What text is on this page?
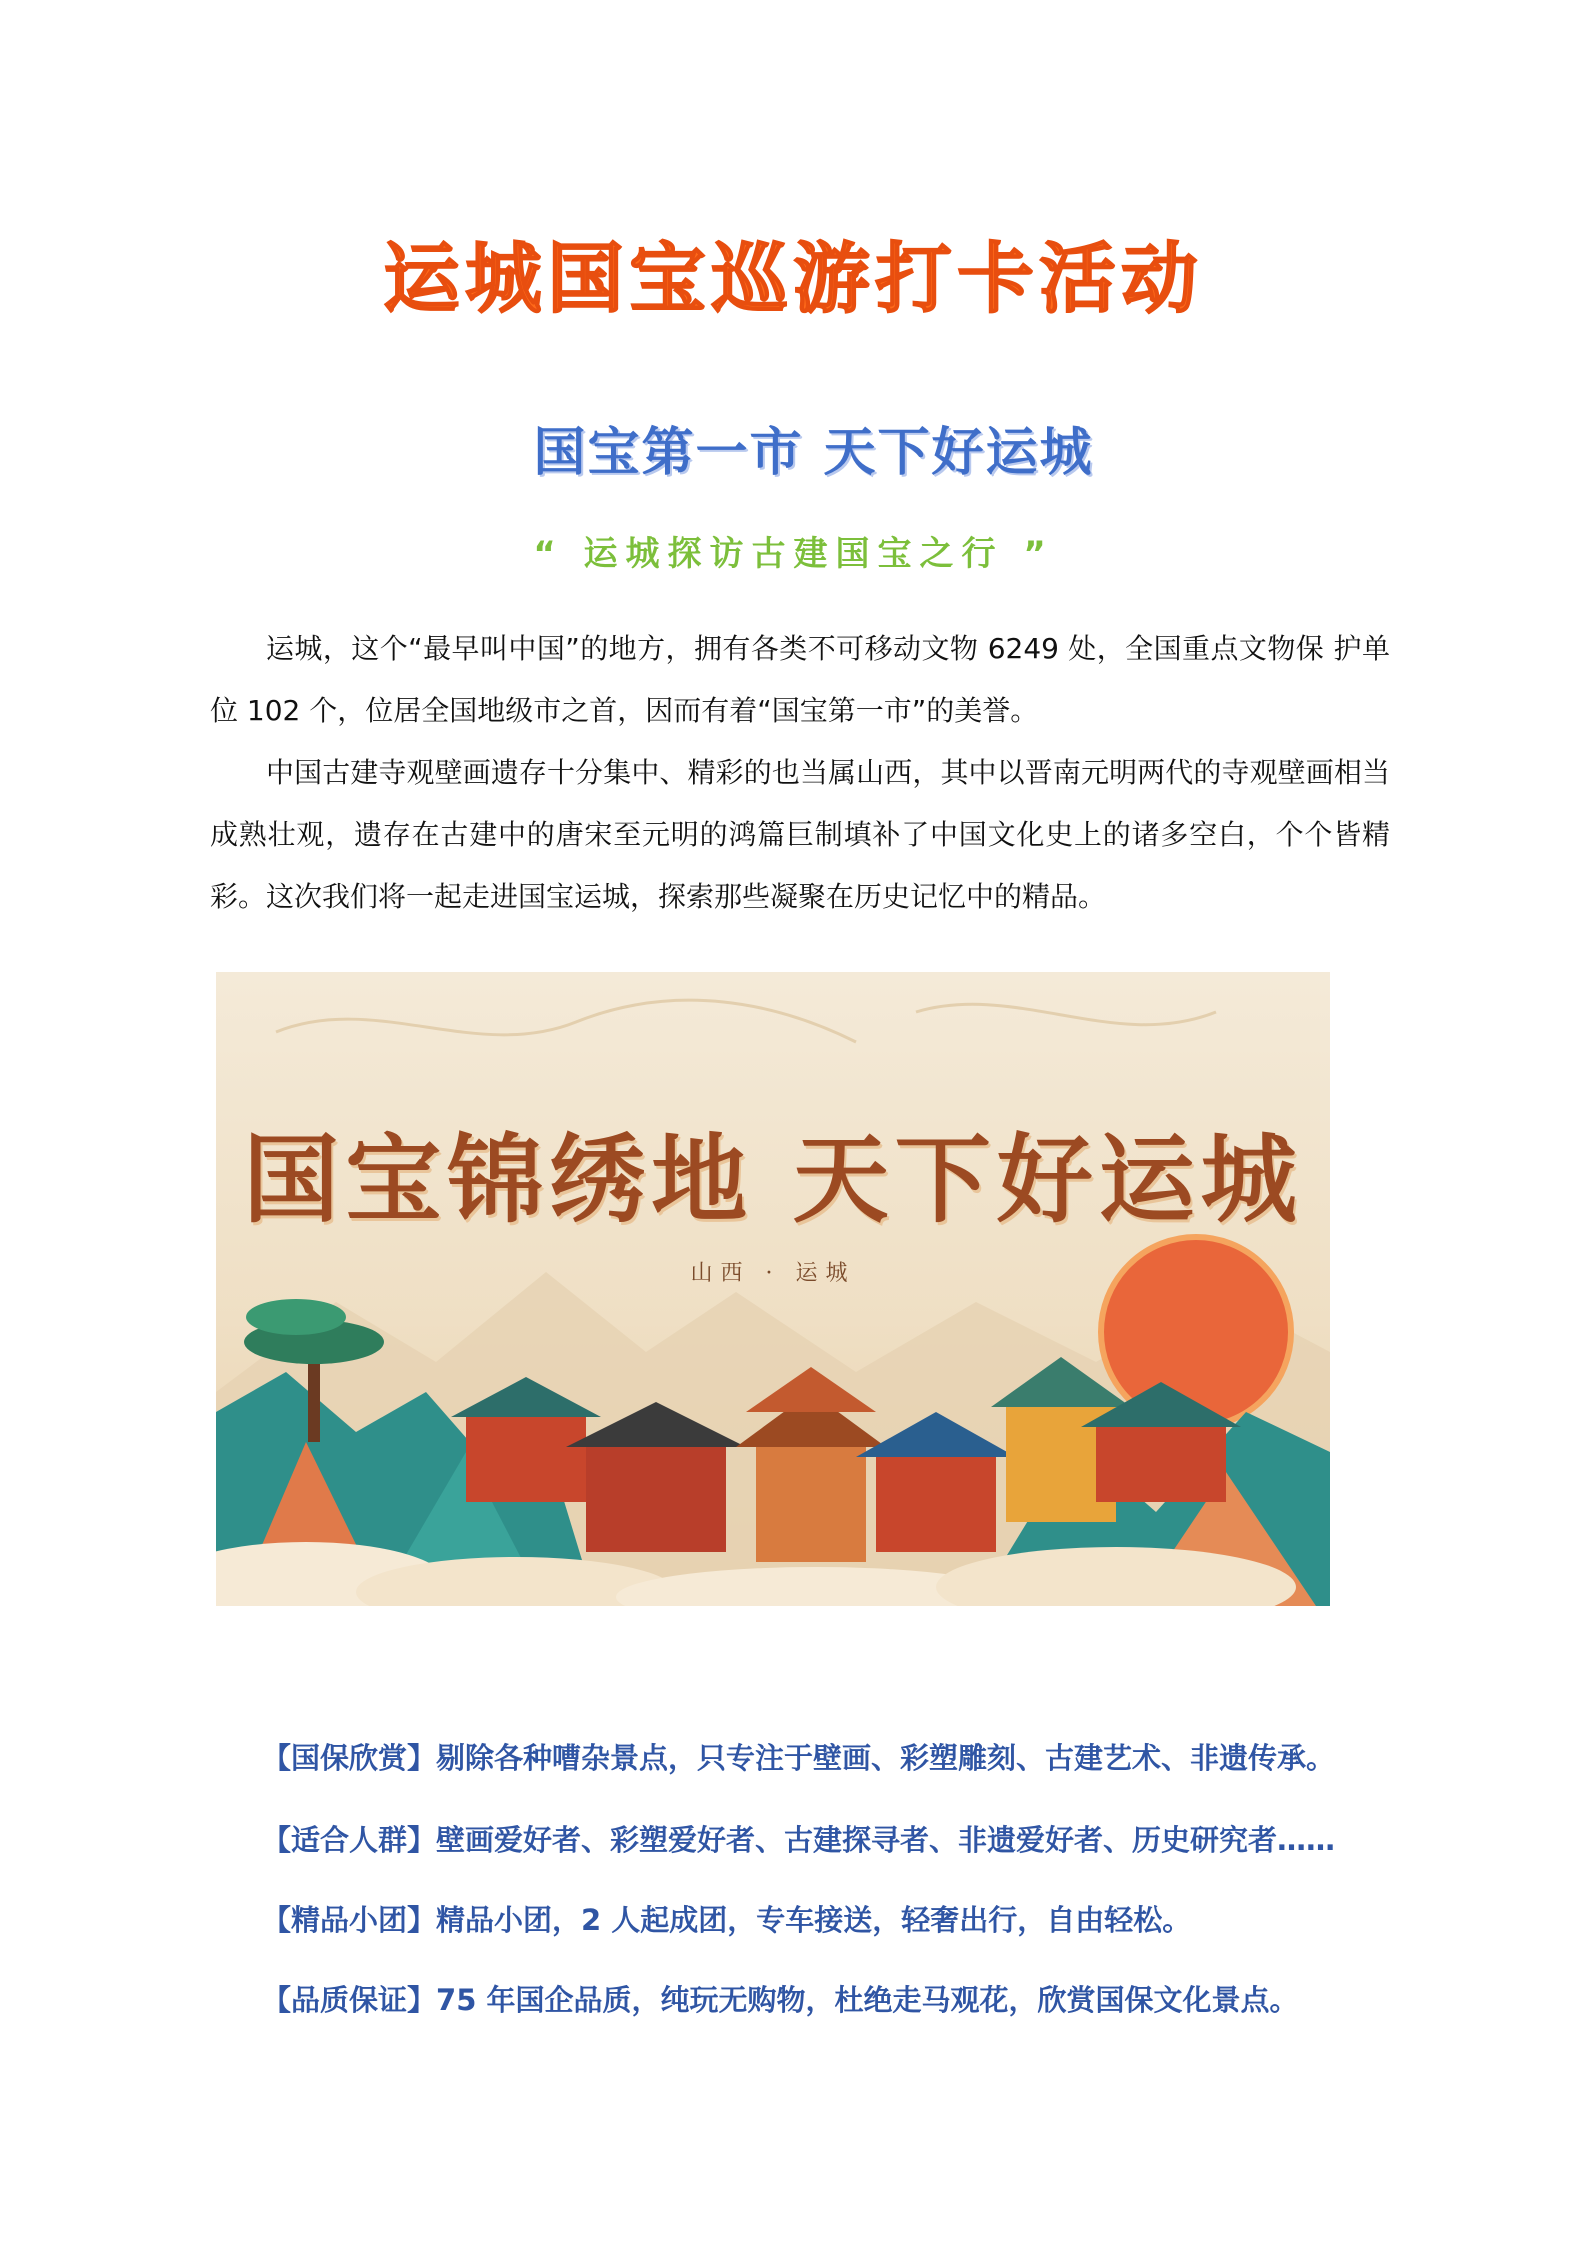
运城国宝巡游打卡活动
国宝第一市 天下好运城
“ 运城探访古建国宝之行 ”

运城，这个“最早叫中国”的地方，拥有各类不可移动文物 6249 处，全国重点文物保 护单位 102 个，位居全国地级市之首，因而有着“国宝第一市”的美誉。

中国古建寺观壁画遗存十分集中、精彩的也当属山西，其中以晋南元明两代的寺观壁画相当成熟壮观，遗存在古建中的唐宋至元明的鸿篇巨制填补了中国文化史上的诸多空白，个个皆精彩。这次我们将一起走进国宝运城，探索那些凝聚在历史记忆中的精品。

国宝锦绣地 天下好运城
山西 · 运城
【国保欣赏】剔除各种嘈杂景点，只专注于壁画、彩塑雕刻、古建艺术、非遗传承。
【适合人群】壁画爱好者、彩塑爱好者、古建探寻者、非遗爱好者、历史研究者……
【精品小团】精品小团，2 人起成团，专车接送，轻奢出行，自由轻松。
【品质保证】75 年国企品质，纯玩无购物，杜绝走马观花，欣赏国保文化景点。
